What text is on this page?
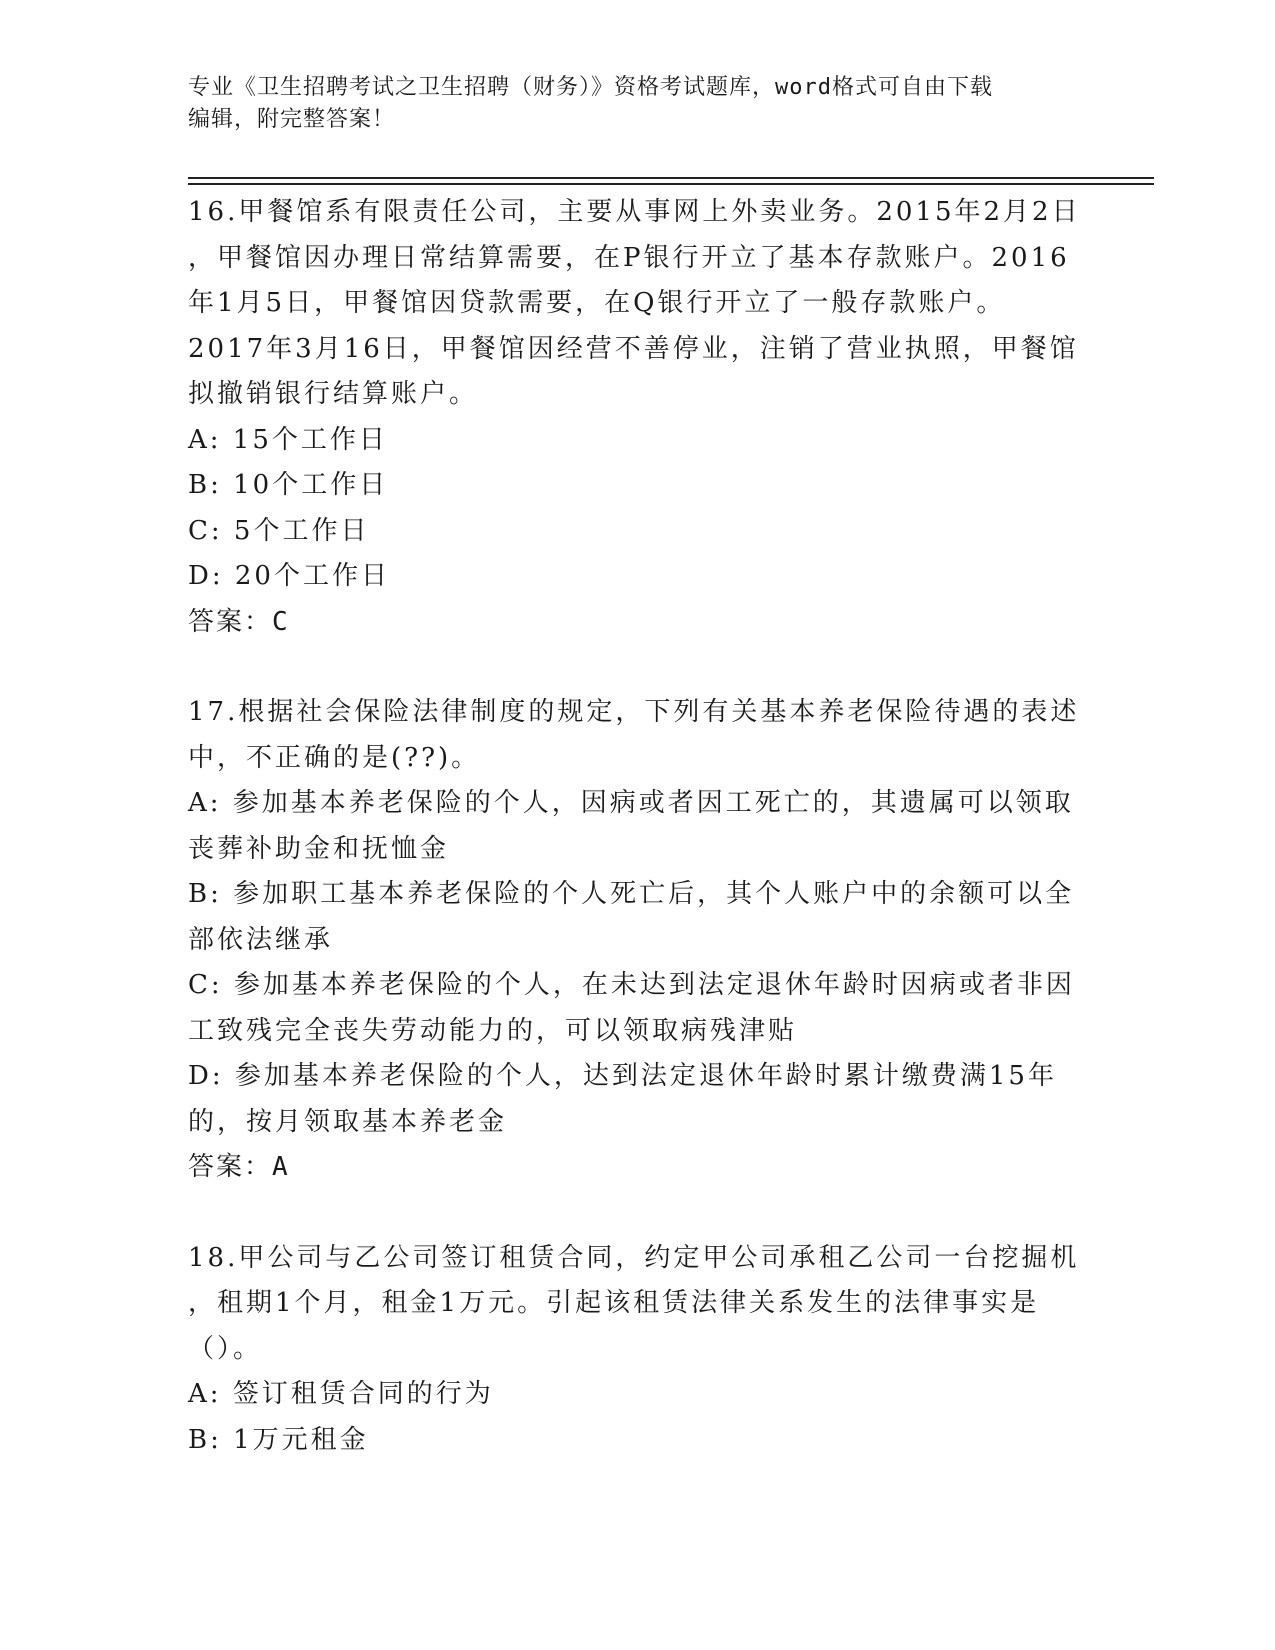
专业《卫生招聘考试之卫生招聘（财务）》资格考试题库，word格式可自由下载
编辑，附完整答案！
16.甲餐馆系有限责任公司，主要从事网上外卖业务。2015年2月2日
，甲餐馆因办理日常结算需要，在P银行开立了基本存款账户。2016
年1月5日，甲餐馆因贷款需要，在Q银行开立了一般存款账户。
2017年3月16日，甲餐馆因经营不善停业，注销了营业执照，甲餐馆
拟撤销银行结算账户。
A: 15个工作日
B: 10个工作日
C: 5个工作日
D: 20个工作日
答案：C
17.根据社会保险法律制度的规定，下列有关基本养老保险待遇的表述
中，不正确的是(??)。
A: 参加基本养老保险的个人，因病或者因工死亡的，其遗属可以领取
丧葬补助金和抚恤金
B: 参加职工基本养老保险的个人死亡后，其个人账户中的余额可以全
部依法继承
C: 参加基本养老保险的个人，在未达到法定退休年龄时因病或者非因
工致残完全丧失劳动能力的，可以领取病残津贴
D: 参加基本养老保险的个人，达到法定退休年龄时累计缴费满15年
的，按月领取基本养老金
答案：A
18.甲公司与乙公司签订租赁合同，约定甲公司承租乙公司一台挖掘机
，租期1个月，租金1万元。引起该租赁法律关系发生的法律事实是
（）。
A: 签订租赁合同的行为
B: 1万元租金
